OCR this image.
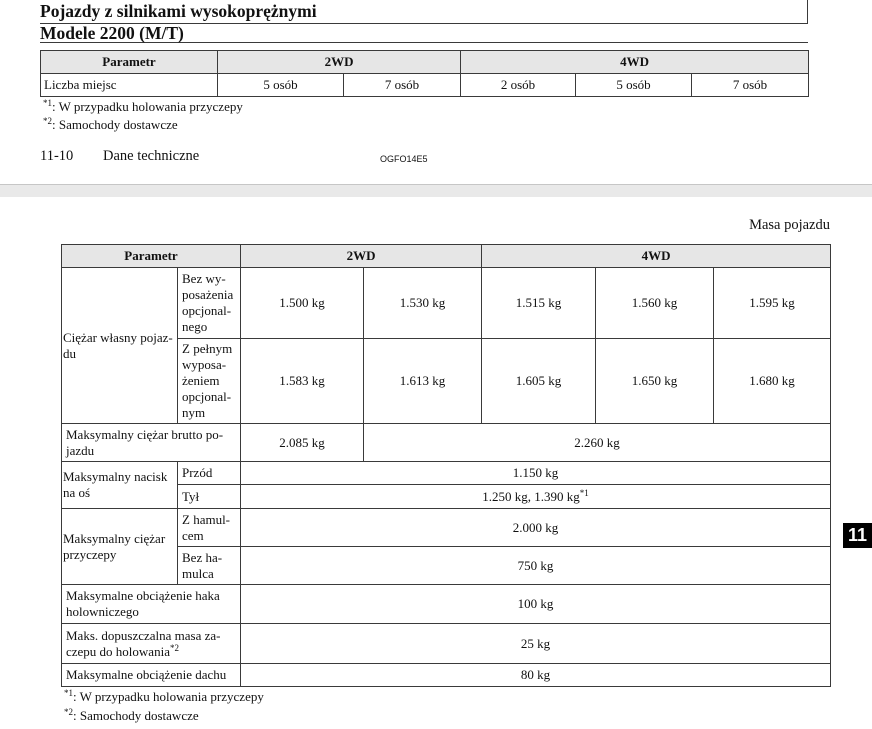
Pojazdy z silnikami wysokoprężnymi
Modele 2200 (M/T)
Parametr	2WD		4WD		
Liczba miejsc	5 osób	7 osób	2 osób	5 osób	7 osób
$^{*1}$: W przypadku holowania przyczepy
$^{*2}$: Samochody dostawcze
11-10 Dane techniczne	OGFO14E5
Masa pojazdu
Parametr		2WD		4WD		
Ciężar własny pojaz-
du	Bez wy-
posażenia
opcjonal-
nego	1.500 kg	1.530 kg	1.515 kg	1.560 kg	1.595 kg
	Z pełnym
wyposa-
żeniem
opcjonal-
nym	1.583 kg	1.613 kg	1.605 kg	1.650 kg	1.680 kg
Maksymalny ciężar brutto po-
jazdu		2.085 kg	2.260 kg			
Maksymalny nacisk
na oś	Przód	1.150 kg				
	Tył	1.250 kg, 1.390 kg$^{*1}$
Maksymalny ciężar
przyczepy	Z hamul-
cem	2.000 kg				
	Bez ha-
mulca	750 kg				
Maksymalne obciążenie haka
holowniczego		100 kg				
Maks. dopuszczalna masa za-
czepu do holowania$^{*2}$		25 kg				
Maksymalne obciążenie dachu		80 kg				
$^{*1}$: W przypadku holowania przyczepy
$^{*2}$: Samochody dostawcze
11
